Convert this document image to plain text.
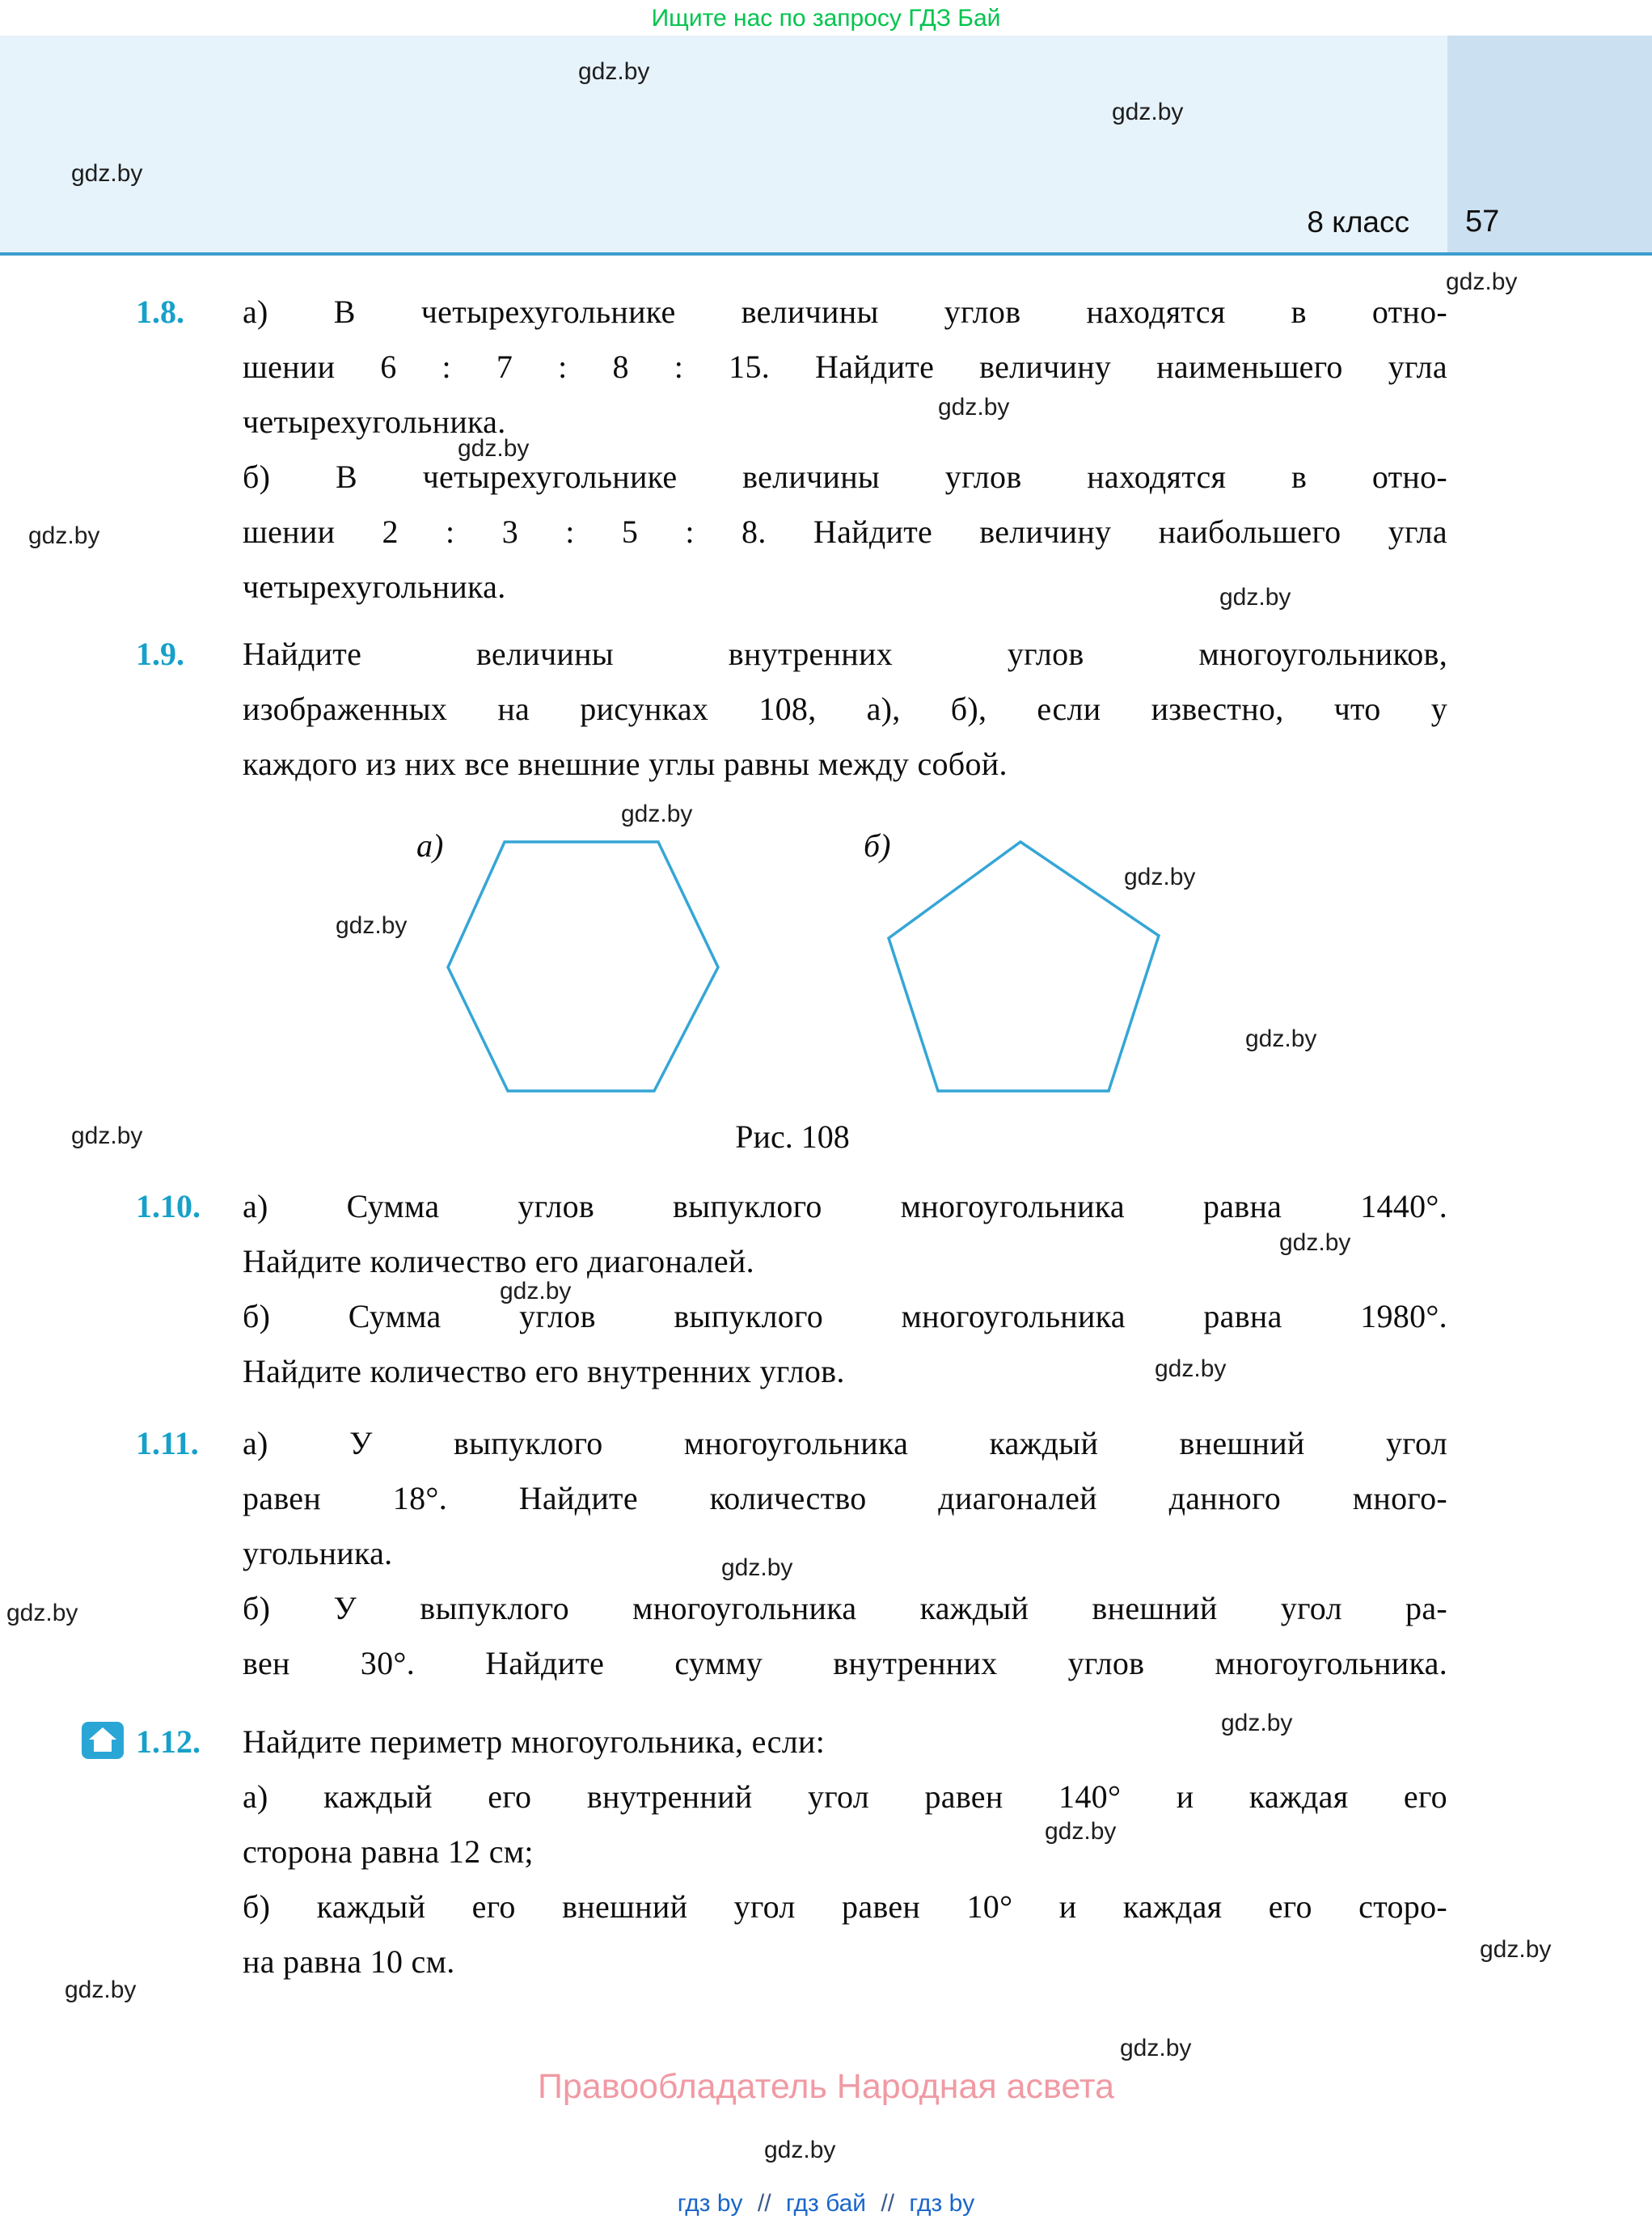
Ищите нас по запросу ГДЗ Бай
57
8 класс
gdz.by
gdz.by
gdz.by
gdz.by
gdz.by
gdz.by
gdz.by
gdz.by
gdz.by
gdz.by
gdz.by
gdz.by
gdz.by
gdz.by
gdz.by
gdz.by
gdz.by
gdz.by
gdz.by
gdz.by
gdz.by
gdz.by
gdz.by
gdz.by
1.8. а) В четырехугольнике величины углов находятся в отно-
шении 6 : 7 : 8 : 15. Найдите величину наименьшего угла
четырехугольника.
б) В четырехугольнике величины углов находятся в отно-
шении 2 : 3 : 5 : 8. Найдите величину наибольшего угла
четырехугольника.
1.9. Найдите величины внутренних углов многоугольников,
изображенных на рисунках 108, а), б), если известно, что у
каждого из них все внешние углы равны между собой.
а)	б)
Рис. 108
1.10. а) Сумма углов выпуклого многоугольника равна 1440°.
Найдите количество его диагоналей.
б) Сумма углов выпуклого многоугольника равна 1980°.
Найдите количество его внутренних углов.
1.11. а) У выпуклого многоугольника каждый внешний угол
равен 18°. Найдите количество диагоналей данного много-
угольника.
б) У выпуклого многоугольника каждый внешний угол ра-
вен 30°. Найдите сумму внутренних углов многоугольника.
1.12. Найдите периметр многоугольника, если:
а) каждый его внутренний угол равен 140° и каждая его
сторона равна 12 см;
б) каждый его внешний угол равен 10° и каждая его сторо-
на равна 10 см.
Правообладатель Народная асвета
гдз by // гдз бай // гдз by
